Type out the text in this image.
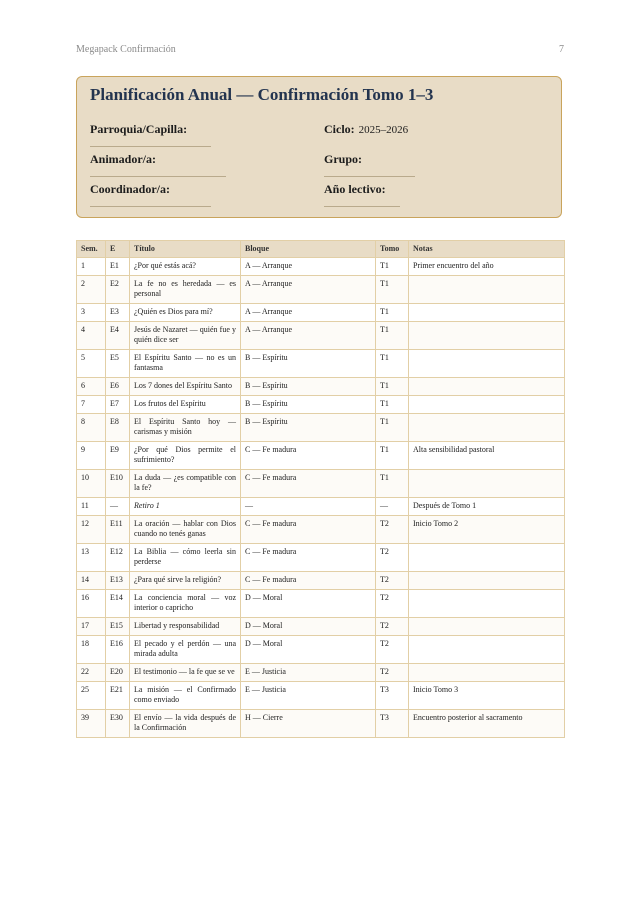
Megapack Confirmación	7
Planificación Anual — Confirmación Tomo 1–3
Parroquia/Capilla:	Ciclo: 2025–2026
Animador/a:	Grupo:
Coordinador/a:	Año lectivo:
Sem.	E	Título	Bloque	Tomo	Notas
1	E1	¿Por qué estás acá?	A — Arranque	T1	Primer encuentro del año
2	E2	La fe no es heredada — es personal	A — Arranque	T1	
3	E3	¿Quién es Dios para mí?	A — Arranque	T1	
4	E4	Jesús de Nazaret — quién fue y quién dice ser	A — Arranque	T1	
5	E5	El Espíritu Santo — no es un fantasma	B — Espíritu	T1	
6	E6	Los 7 dones del Espíritu Santo	B — Espíritu	T1	
7	E7	Los frutos del Espíritu	B — Espíritu	T1	
8	E8	El Espíritu Santo hoy — carismas y misión	B — Espíritu	T1	
9	E9	¿Por qué Dios permite el sufrimiento?	C — Fe madura	T1	Alta sensibilidad pastoral
10	E10	La duda — ¿es compatible con la fe?	C — Fe madura	T1	
11	—	Retiro 1	—	—	Después de Tomo 1
12	E11	La oración — hablar con Dios cuando no tenés ganas	C — Fe madura	T2	Inicio Tomo 2
13	E12	La Biblia — cómo leerla sin perderse	C — Fe madura	T2	
14	E13	¿Para qué sirve la religión?	C — Fe madura	T2	
16	E14	La conciencia moral — voz interior o capricho	D — Moral	T2	
17	E15	Libertad y responsabilidad	D — Moral	T2	
18	E16	El pecado y el perdón — una mirada adulta	D — Moral	T2	
22	E20	El testimonio — la fe que se ve	E — Justicia	T2	
25	E21	La misión — el Confirmado como enviado	E — Justicia	T3	Inicio Tomo 3
39	E30	El envío — la vida después de la Confirmación	H — Cierre	T3	Encuentro posterior al sacramento
